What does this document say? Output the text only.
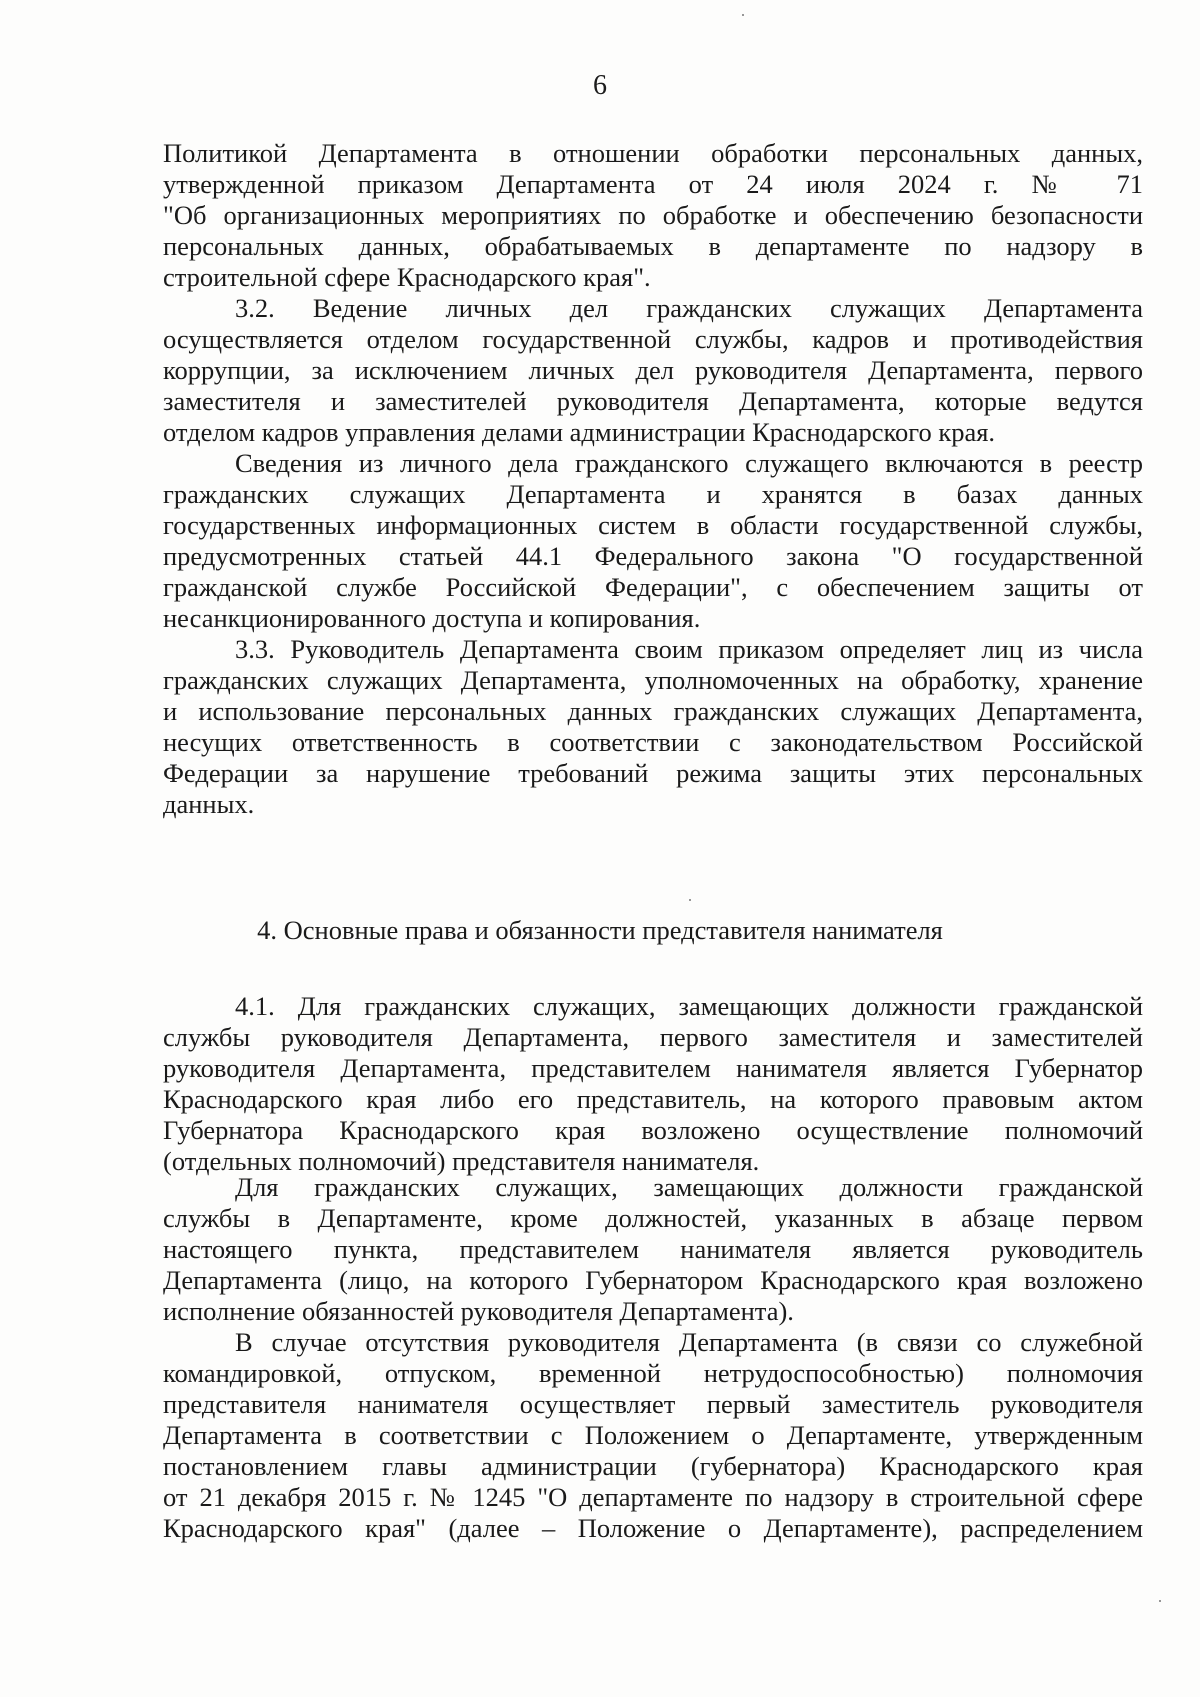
6
Политикой Департамента в отношении обработки персональных данных,
утвержденной приказом Департамента от 24 июля 2024 г. № 71
"Об организационных мероприятиях по обработке и обеспечению безопасности
персональных данных, обрабатываемых в департаменте по надзору в
строительной сфере Краснодарского края".
3.2. Ведение личных дел гражданских служащих Департамента
осуществляется отделом государственной службы, кадров и противодействия
коррупции, за исключением личных дел руководителя Департамента, первого
заместителя и заместителей руководителя Департамента, которые ведутся
отделом кадров управления делами администрации Краснодарского края.
Сведения из личного дела гражданского служащего включаются в реестр
гражданских служащих Департамента и хранятся в базах данных
государственных информационных систем в области государственной службы,
предусмотренных статьей 44.1 Федерального закона "О государственной
гражданской службе Российской Федерации", с обеспечением защиты от
несанкционированного доступа и копирования.
3.3. Руководитель Департамента своим приказом определяет лиц из числа
гражданских служащих Департамента, уполномоченных на обработку, хранение
и использование персональных данных гражданских служащих Департамента,
несущих ответственность в соответствии с законодательством Российской
Федерации за нарушение требований режима защиты этих персональных
данных.
4. Основные права и обязанности представителя нанимателя
4.1. Для гражданских служащих, замещающих должности гражданской
службы руководителя Департамента, первого заместителя и заместителей
руководителя Департамента, представителем нанимателя является Губернатор
Краснодарского края либо его представитель, на которого правовым актом
Губернатора Краснодарского края возложено осуществление полномочий
(отдельных полномочий) представителя нанимателя.
Для гражданских служащих, замещающих должности гражданской
службы в Департаменте, кроме должностей, указанных в абзаце первом
настоящего пункта, представителем нанимателя является руководитель
Департамента (лицо, на которого Губернатором Краснодарского края возложено
исполнение обязанностей руководителя Департамента).
В случае отсутствия руководителя Департамента (в связи со служебной
командировкой, отпуском, временной нетрудоспособностью) полномочия
представителя нанимателя осуществляет первый заместитель руководителя
Департамента в соответствии с Положением о Департаменте, утвержденным
постановлением главы администрации (губернатора) Краснодарского края
от 21 декабря 2015 г. № 1245 "О департаменте по надзору в строительной сфере
Краснодарского края" (далее – Положение о Департаменте), распределением
